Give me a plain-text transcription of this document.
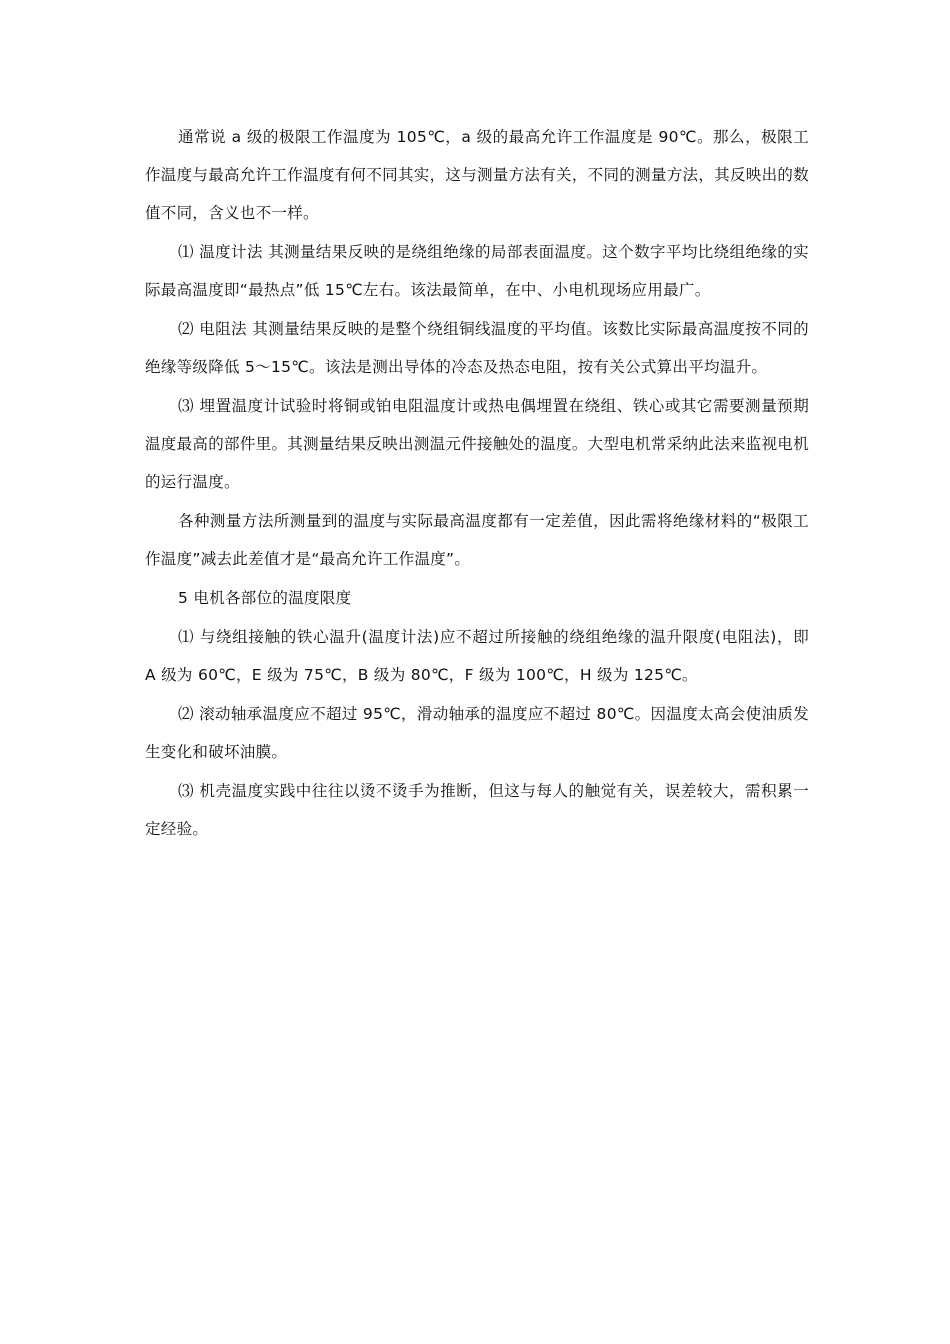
通常说 a 级的极限工作温度为 105℃，a 级的最高允许工作温度是 90℃。那么，极限工作温度与最高允许工作温度有何不同其实，这与测量方法有关，不同的测量方法，其反映出的数值不同，含义也不一样。

⑴ 温度计法 其测量结果反映的是绕组绝缘的局部表面温度。这个数字平均比绕组绝缘的实际最高温度即“最热点”低 15℃左右。该法最简单，在中、小电机现场应用最广。

⑵ 电阻法 其测量结果反映的是整个绕组铜线温度的平均值。该数比实际最高温度按不同的绝缘等级降低 5～15℃。该法是测出导体的冷态及热态电阻，按有关公式算出平均温升。

⑶ 埋置温度计试验时将铜或铂电阻温度计或热电偶埋置在绕组、铁心或其它需要测量预期温度最高的部件里。其测量结果反映出测温元件接触处的温度。大型电机常采纳此法来监视电机的运行温度。

各种测量方法所测量到的温度与实际最高温度都有一定差值，因此需将绝缘材料的“极限工作温度”减去此差值才是“最高允许工作温度”。

5 电机各部位的温度限度

⑴ 与绕组接触的铁心温升(温度计法)应不超过所接触的绕组绝缘的温升限度(电阻法)，即 A 级为 60℃，E 级为 75℃，B 级为 80℃，F 级为 100℃，H 级为 125℃。

⑵ 滚动轴承温度应不超过 95℃，滑动轴承的温度应不超过 80℃。因温度太高会使油质发生变化和破坏油膜。

⑶ 机壳温度实践中往往以烫不烫手为推断，但这与每人的触觉有关，误差较大，需积累一定经验。
